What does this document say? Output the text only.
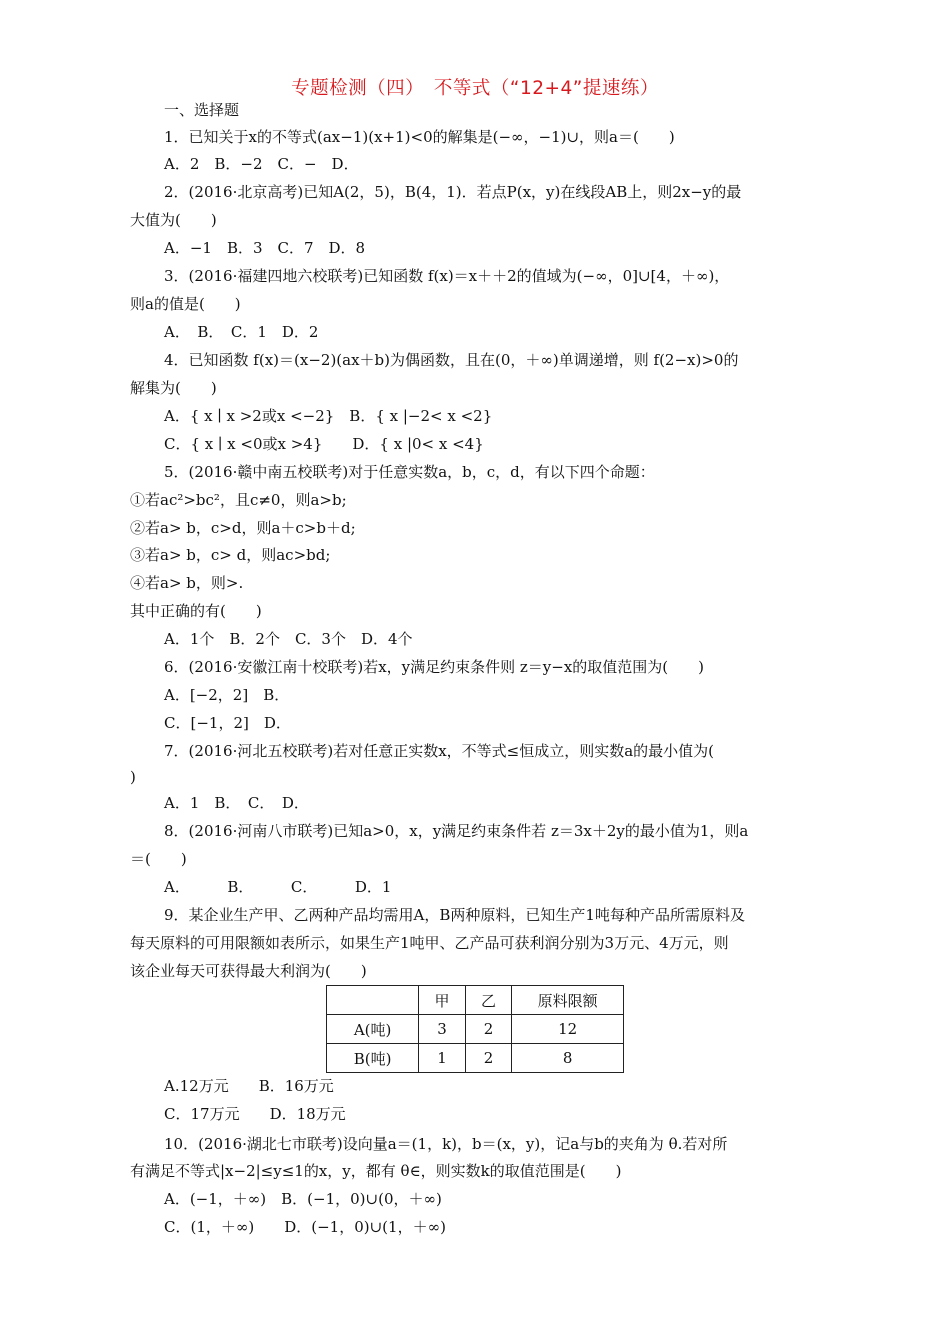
专题检测（四）　不等式（“12+4”提速练）
一、选择题
1．已知关于x的不等式(ax−1)(x+1)<0的解集是(−∞，−1)∪，则a＝(　　)
A．2　B．−2　C．−　D．
2．(2016·北京高考)已知A(2，5)，B(4，1)．若点P(x，y)在线段AB上，则2x−y的最
大值为(　　)
A．−1　B．3　C．7　D．8
3．(2016·福建四地六校联考)已知函数 f(x)＝x＋＋2的值域为(−∞，0]∪[4，＋∞)，
则a的值是(　　)
A．　B．　C．1　D．2
4．已知函数 f(x)＝(x−2)(ax＋b)为偶函数，且在(0，＋∞)单调递增，则 f(2−x)>0的
解集为(　　)
A．{ x ∣ x >2或x <−2}　B．{ x |−2< x <2}
C．{ x ∣ x <0或x >4}　　D．{ x |0< x <4}
5．(2016·赣中南五校联考)对于任意实数a，b，c，d，有以下四个命题：
①若ac²>bc²，且c≠0，则a>b;
②若a> b，c>d，则a＋c>b＋d;
③若a> b，c> d，则ac>bd;
④若a> b，则>.
其中正确的有(　　)
A．1个　B．2个　C．3个　D．4个
6．(2016·安徽江南十校联考)若x，y满足约束条件则 z＝y−x的取值范围为(　　)
A．[−2，2]　B．
C．[−1，2]　D．
7．(2016·河北五校联考)若对任意正实数x，不等式≤恒成立，则实数a的最小值为(
)
A．1　B．　C．　D．
8．(2016·河南八市联考)已知a>0，x，y满足约束条件若 z＝3x＋2y的最小值为1，则a
＝(　　)
A．　　　B．　　　C．　　　D．1
9．某企业生产甲、乙两种产品均需用A，B两种原料，已知生产1吨每种产品所需原料及
每天原料的可用限额如表所示，如果生产1吨甲、乙产品可获利润分别为3万元、4万元，则
该企业每天可获得最大利润为(　　)
	甲	乙	原料限额
A(吨)	3	2	12
B(吨)	1	2	8
A.12万元　　B．16万元
C．17万元　　D．18万元
10．(2016·湖北七市联考)设向量a＝(1，k)，b＝(x，y)，记a与b的夹角为 θ.若对所
有满足不等式|x−2|≤y≤1的x，y，都有 θ∈，则实数k的取值范围是(　　)
A．(−1，＋∞)　B．(−1，0)∪(0，＋∞)
C．(1，＋∞)　　D．(−1，0)∪(1，＋∞)
